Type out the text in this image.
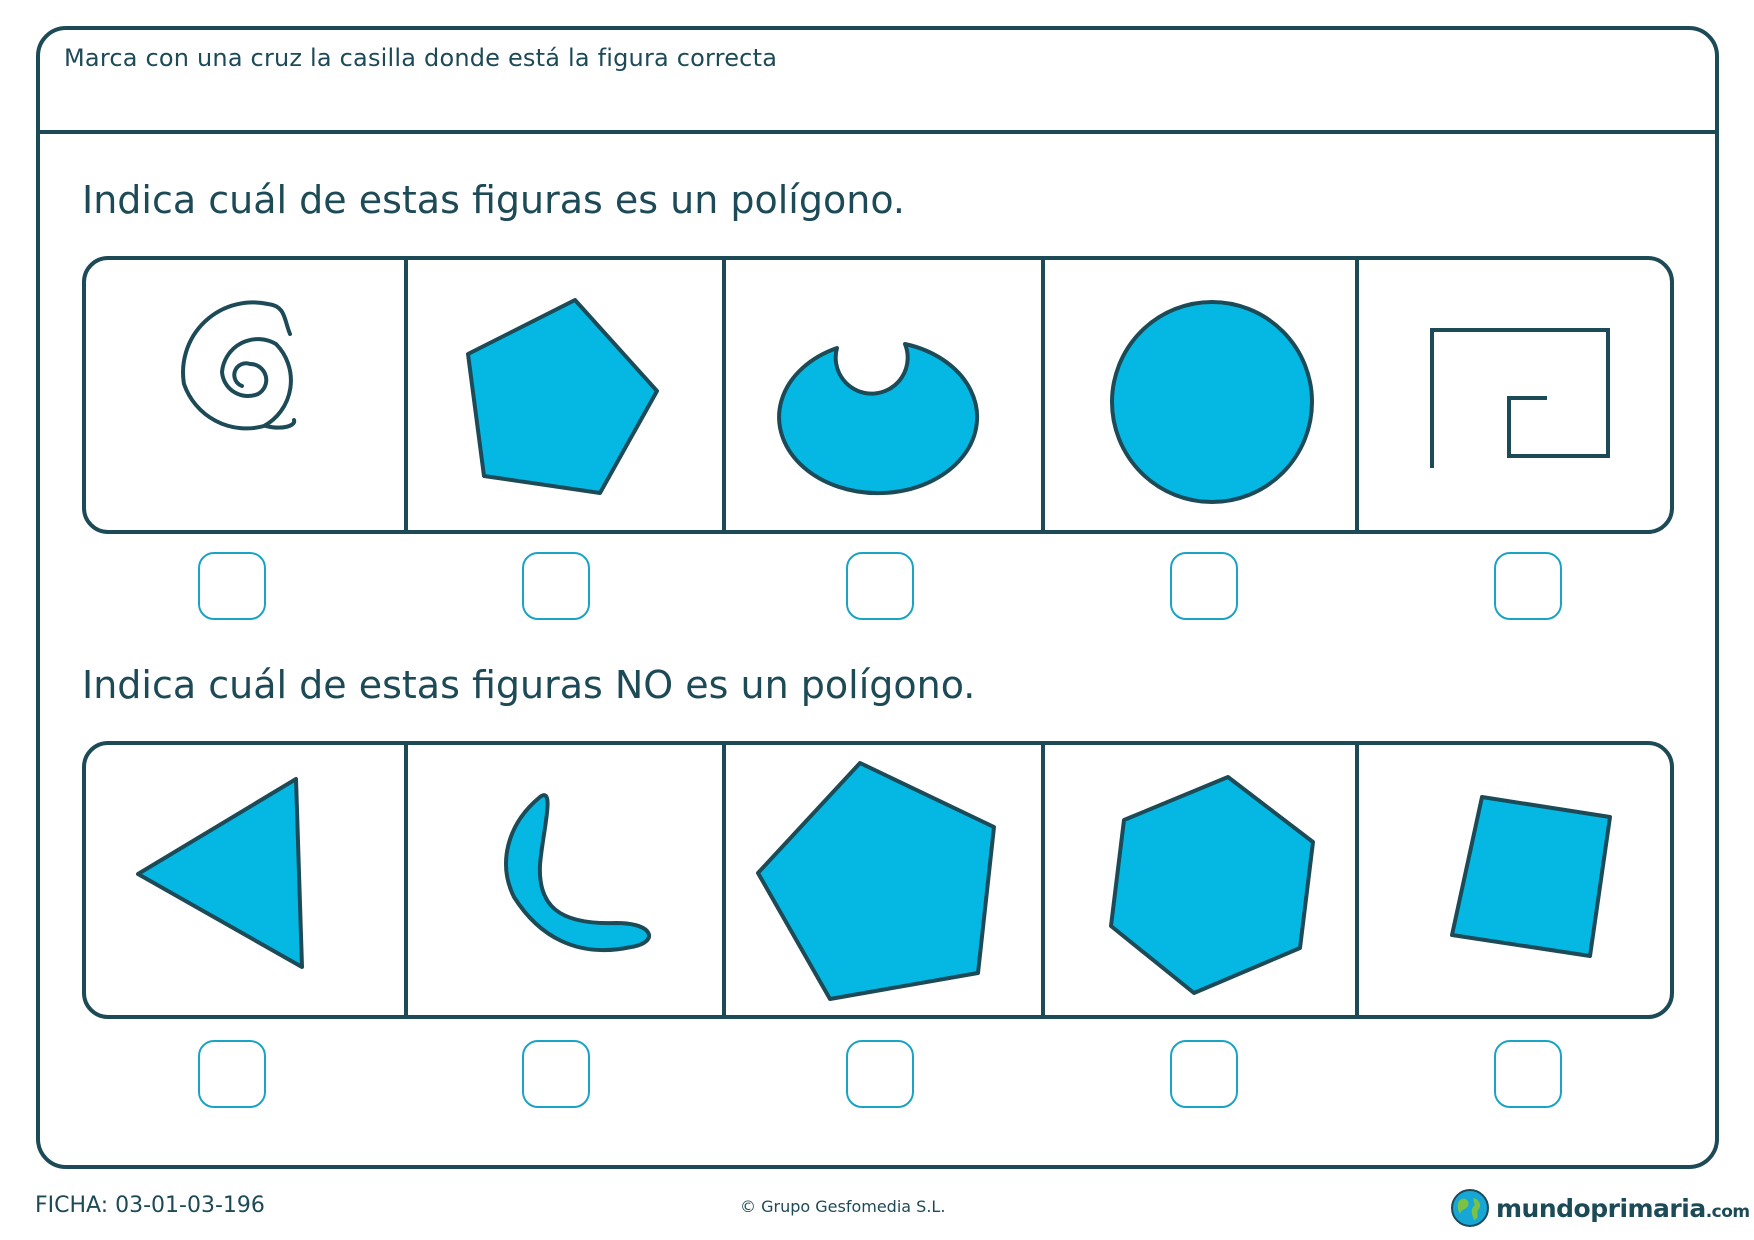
Marca con una cruz la casilla donde está la figura correcta
Indica cuál de estas figuras es un polígono.
Indica cuál de estas figuras NO es un polígono.
FICHA: 03-01-03-196	© Grupo Gesfomedia S.L.	mundoprimaria.com
